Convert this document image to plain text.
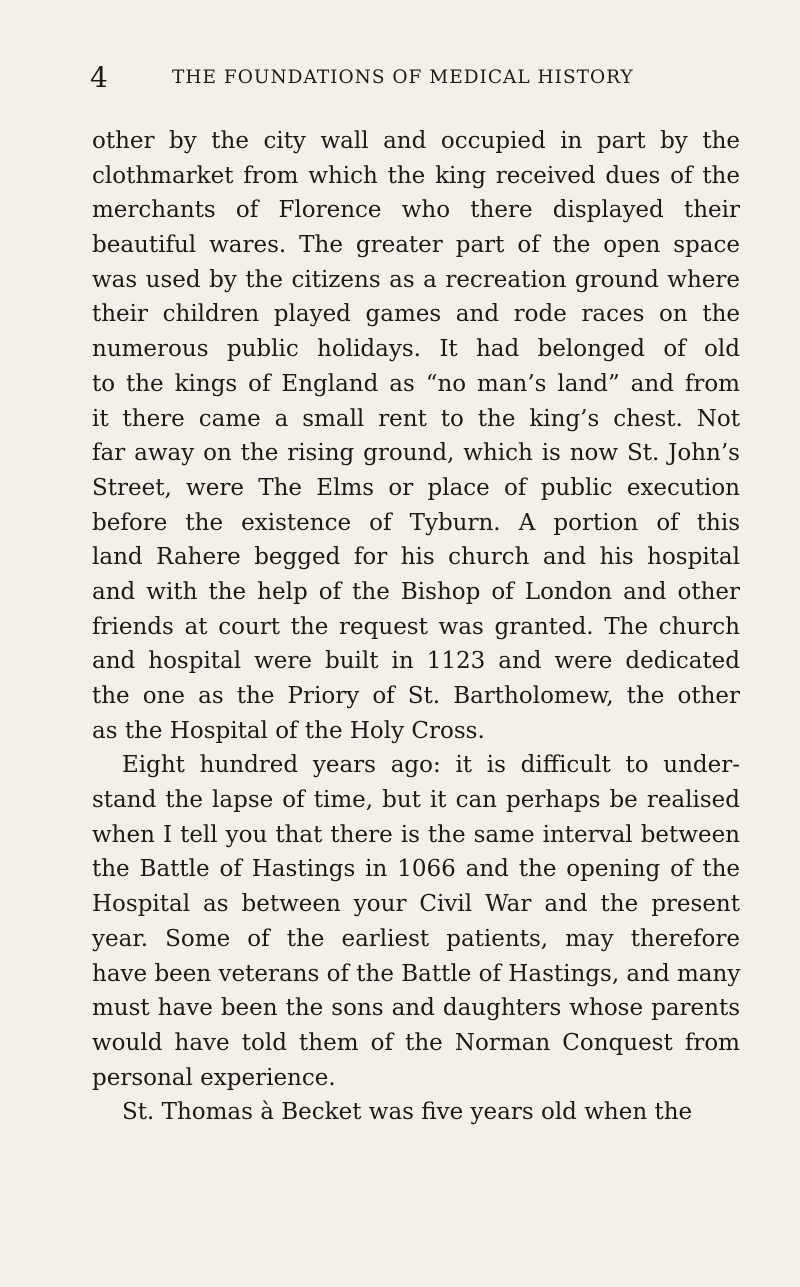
4	THE FOUNDATIONS OF MEDICAL HISTORY
other by the city wall and occupied in part by the
clothmarket from which the king received dues of the
merchants of Florence who there displayed their
beautiful wares. The greater part of the open space
was used by the citizens as a recreation ground where
their children played games and rode races on the
numerous public holidays. It had belonged of old
to the kings of England as “no man’s land” and from
it there came a small rent to the king’s chest. Not
far away on the rising ground, which is now St. John’s
Street, were The Elms or place of public execution
before the existence of Tyburn. A portion of this
land Rahere begged for his church and his hospital
and with the help of the Bishop of London and other
friends at court the request was granted. The church
and hospital were built in 1123 and were dedicated
the one as the Priory of St. Bartholomew, the other
as the Hospital of the Holy Cross.
Eight hundred years ago: it is difficult to under-
stand the lapse of time, but it can perhaps be realised
when I tell you that there is the same interval between
the Battle of Hastings in 1066 and the opening of the
Hospital as between your Civil War and the present
year. Some of the earliest patients, may therefore
have been veterans of the Battle of Hastings, and many
must have been the sons and daughters whose parents
would have told them of the Norman Conquest from
personal experience.
St. Thomas à Becket was five years old when the
